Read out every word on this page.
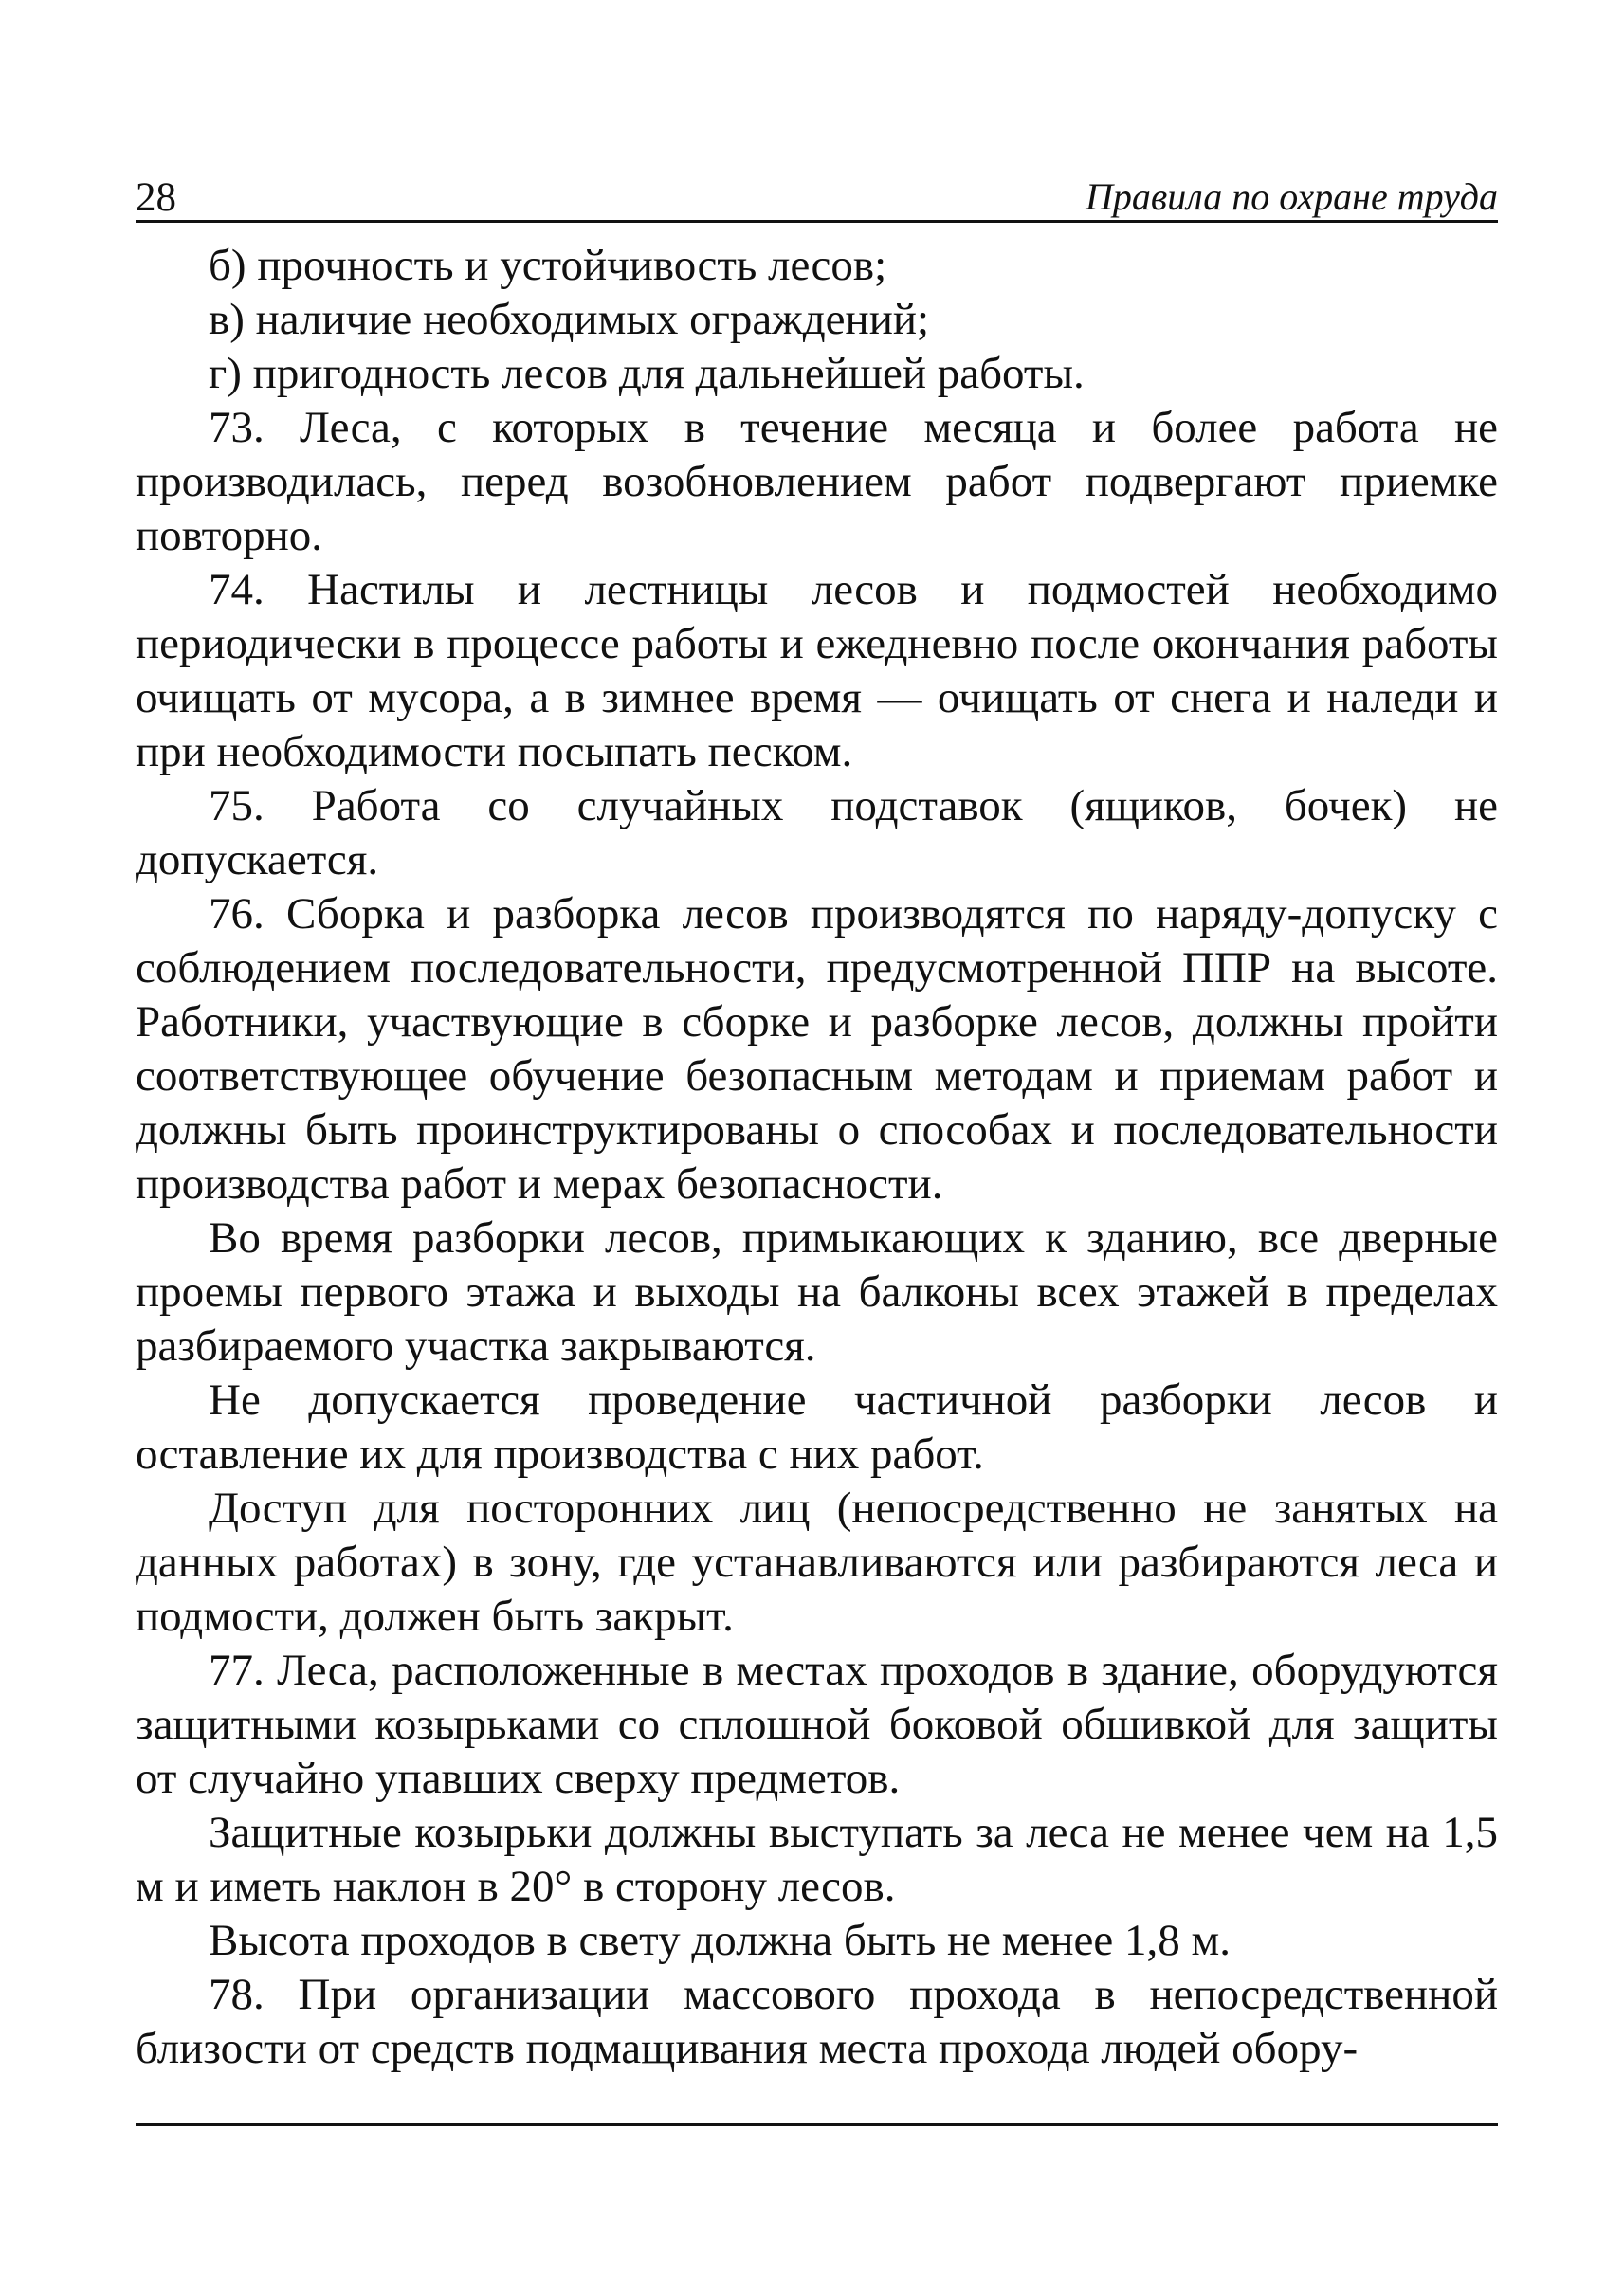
28	Правила по охране труда

б) прочность и устойчивость лесов;

в) наличие необходимых ограждений;

г) пригодность лесов для дальнейшей работы.

73. Леса, с которых в течение месяца и более работа не производилась, перед возобновлением работ подвергают приемке повторно.

74. Настилы и лестницы лесов и подмостей необходимо периодически в процессе работы и ежедневно после окончания работы очищать от мусора, а в зимнее время — очищать от снега и наледи и при необходимости посыпать песком.

75. Работа со случайных подставок (ящиков, бочек) не допускается.

76. Сборка и разборка лесов производятся по наряду-допуску с соблюдением последовательности, предусмотренной ППР на высоте. Работники, участвующие в сборке и разборке лесов, должны пройти соответствующее обучение безопасным методам и приемам работ и должны быть проинструктированы о способах и последовательности производства работ и мерах безопасности.

Во время разборки лесов, примыкающих к зданию, все дверные проемы первого этажа и выходы на балконы всех этажей в пределах разбираемого участка закрываются.

Не допускается проведение частичной разборки лесов и оставление их для производства с них работ.

Доступ для посторонних лиц (непосредственно не занятых на данных работах) в зону, где устанавливаются или разбираются леса и подмости, должен быть закрыт.

77. Леса, расположенные в местах проходов в здание, оборудуются защитными козырьками со сплошной боковой обшивкой для защиты от случайно упавших сверху предметов.

Защитные козырьки должны выступать за леса не менее чем на 1,5 м и иметь наклон в 20° в сторону лесов.

Высота проходов в свету должна быть не менее 1,8 м.

78. При организации массового прохода в непосредственной близости от средств подмащивания места прохода людей обору-
